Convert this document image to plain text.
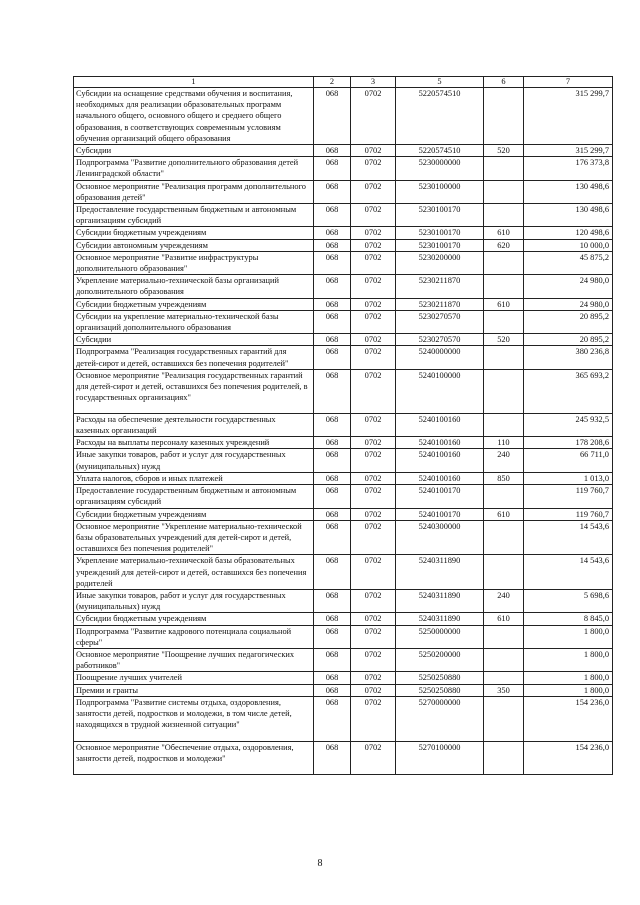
1	2	3	5	6	7
Субсидии на оснащение средствами обучения и воспитания, необходимых для реализации образовательных программ начального общего, основного общего и среднего общего образования, в соответствующих современным условиям обучения организаций общего образования	068	0702	5220574510		315 299,7
Субсидии	068	0702	5220574510	520	315 299,7
Подпрограмма "Развитие дополнительного образования детей Ленинградской области"	068	0702	5230000000		176 373,8
Основное мероприятие "Реализация программ дополнительного образования детей"	068	0702	5230100000		130 498,6
Предоставление государственным бюджетным и автономным организациям субсидий	068	0702	5230100170		130 498,6
Субсидии бюджетным учреждениям	068	0702	5230100170	610	120 498,6
Субсидии автономным учреждениям	068	0702	5230100170	620	10 000,0
Основное мероприятие "Развитие инфраструктуры дополнительного образования"	068	0702	5230200000		45 875,2
Укрепление материально-технической базы организаций дополнительного образования	068	0702	5230211870		24 980,0
Субсидии бюджетным учреждениям	068	0702	5230211870	610	24 980,0
Субсидии на укрепление материально-технической базы организаций дополнительного образования	068	0702	5230270570		20 895,2
Субсидии	068	0702	5230270570	520	20 895,2
Подпрограмма "Реализация государственных гарантий для детей-сирот и детей, оставшихся без попечения родителей"	068	0702	5240000000		380 236,8
Основное мероприятие "Реализация государственных гарантий для детей-сирот и детей, оставшихся без попечения родителей, в государственных организациях"	068	0702	5240100000		365 693,2
Расходы на обеспечение деятельности государственных казенных организаций	068	0702	5240100160		245 932,5
Расходы на выплаты персоналу казенных учреждений	068	0702	5240100160	110	178 208,6
Иные закупки товаров, работ и услуг для государственных (муниципальных) нужд	068	0702	5240100160	240	66 711,0
Уплата налогов, сборов и иных платежей	068	0702	5240100160	850	1 013,0
Предоставление государственным бюджетным и автономным организациям субсидий	068	0702	5240100170		119 760,7
Субсидии бюджетным учреждениям	068	0702	5240100170	610	119 760,7
Основное мероприятие "Укрепление материально-технической базы образовательных учреждений для детей-сирот и детей, оставшихся без попечения родителей"	068	0702	5240300000		14 543,6
Укрепление материально-технической базы образовательных учреждений для детей-сирот и детей, оставшихся без попечения родителей	068	0702	5240311890		14 543,6
Иные закупки товаров, работ и услуг для государственных (муниципальных) нужд	068	0702	5240311890	240	5 698,6
Субсидии бюджетным учреждениям	068	0702	5240311890	610	8 845,0
Подпрограмма "Развитие кадрового потенциала социальной сферы"	068	0702	5250000000		1 800,0
Основное мероприятие "Поощрение лучших педагогических работников"	068	0702	5250200000		1 800,0
Поощрение лучших учителей	068	0702	5250250880		1 800,0
Премии и гранты	068	0702	5250250880	350	1 800,0
Подпрограмма "Развитие системы отдыха, оздоровления, занятости детей, подростков и молодежи, в том числе детей, находящихся в трудной жизненной ситуации"	068	0702	5270000000		154 236,0
Основное мероприятие "Обеспечение отдыха, оздоровления, занятости детей, подростков и молодежи"	068	0702	5270100000		154 236,0
8
